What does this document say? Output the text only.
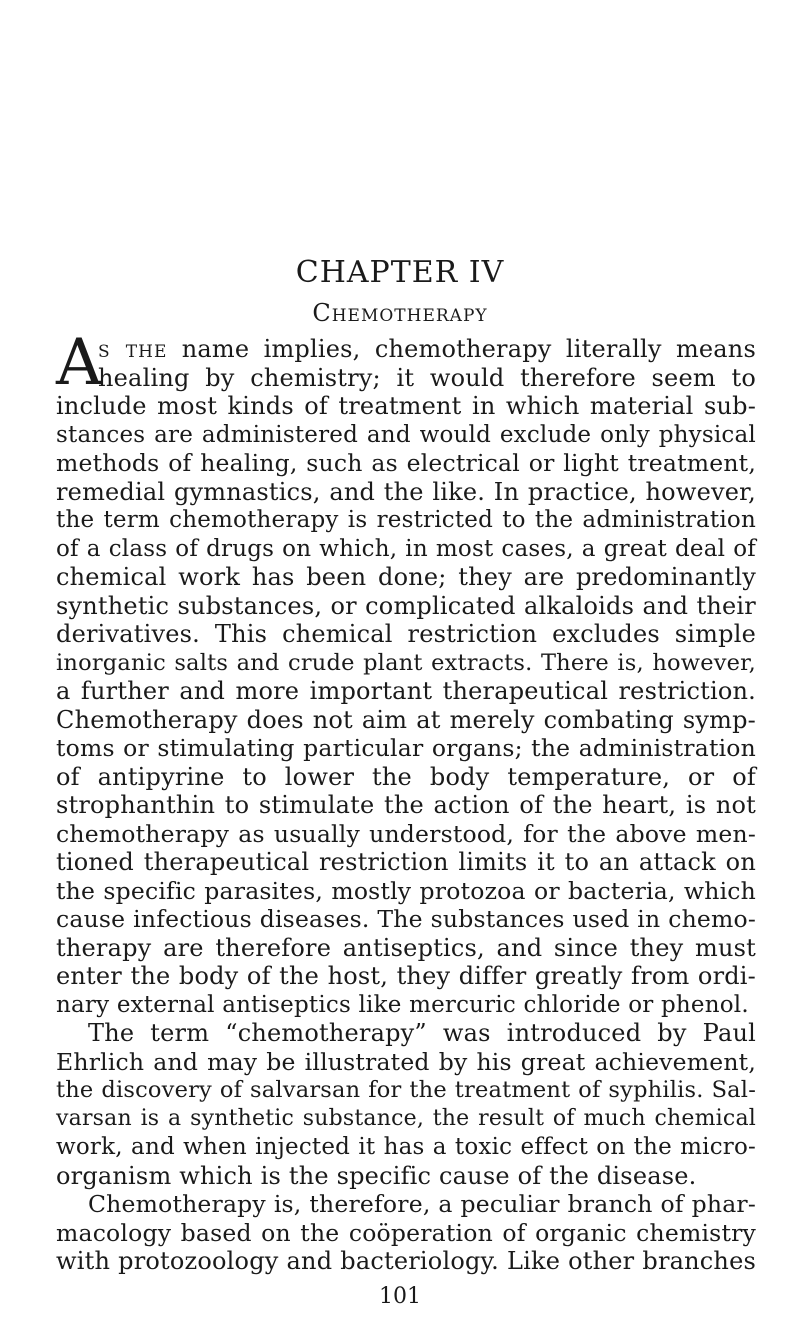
CHAPTER IV
Chemotherapy
A
s the name implies, chemotherapy literally means
healing by chemistry; it would therefore seem to
include most kinds of treatment in which material sub-
stances are administered and would exclude only physical
methods of healing, such as electrical or light treatment,
remedial gymnastics, and the like. In practice, however,
the term chemotherapy is restricted to the administration
of a class of drugs on which, in most cases, a great deal of
chemical work has been done; they are predominantly
synthetic substances, or complicated alkaloids and their
derivatives. This chemical restriction excludes simple
inorganic salts and crude plant extracts. There is, however,
a further and more important therapeutical restriction.
Chemotherapy does not aim at merely combating symp-
toms or stimulating particular organs; the administration
of antipyrine to lower the body temperature, or of
strophanthin to stimulate the action of the heart, is not
chemotherapy as usually understood, for the above men-
tioned therapeutical restriction limits it to an attack on
the specific parasites, mostly protozoa or bacteria, which
cause infectious diseases. The substances used in chemo-
therapy are therefore antiseptics, and since they must
enter the body of the host, they differ greatly from ordi-
nary external antiseptics like mercuric chloride or phenol.
The term “chemotherapy” was introduced by Paul
Ehrlich and may be illustrated by his great achievement,
the discovery of salvarsan for the treatment of syphilis. Sal-
varsan is a synthetic substance, the result of much chemical
work, and when injected it has a toxic effect on the micro-
organism which is the specific cause of the disease.
Chemotherapy is, therefore, a peculiar branch of phar-
macology based on the coöperation of organic chemistry
with protozoology and bacteriology. Like other branches
101
